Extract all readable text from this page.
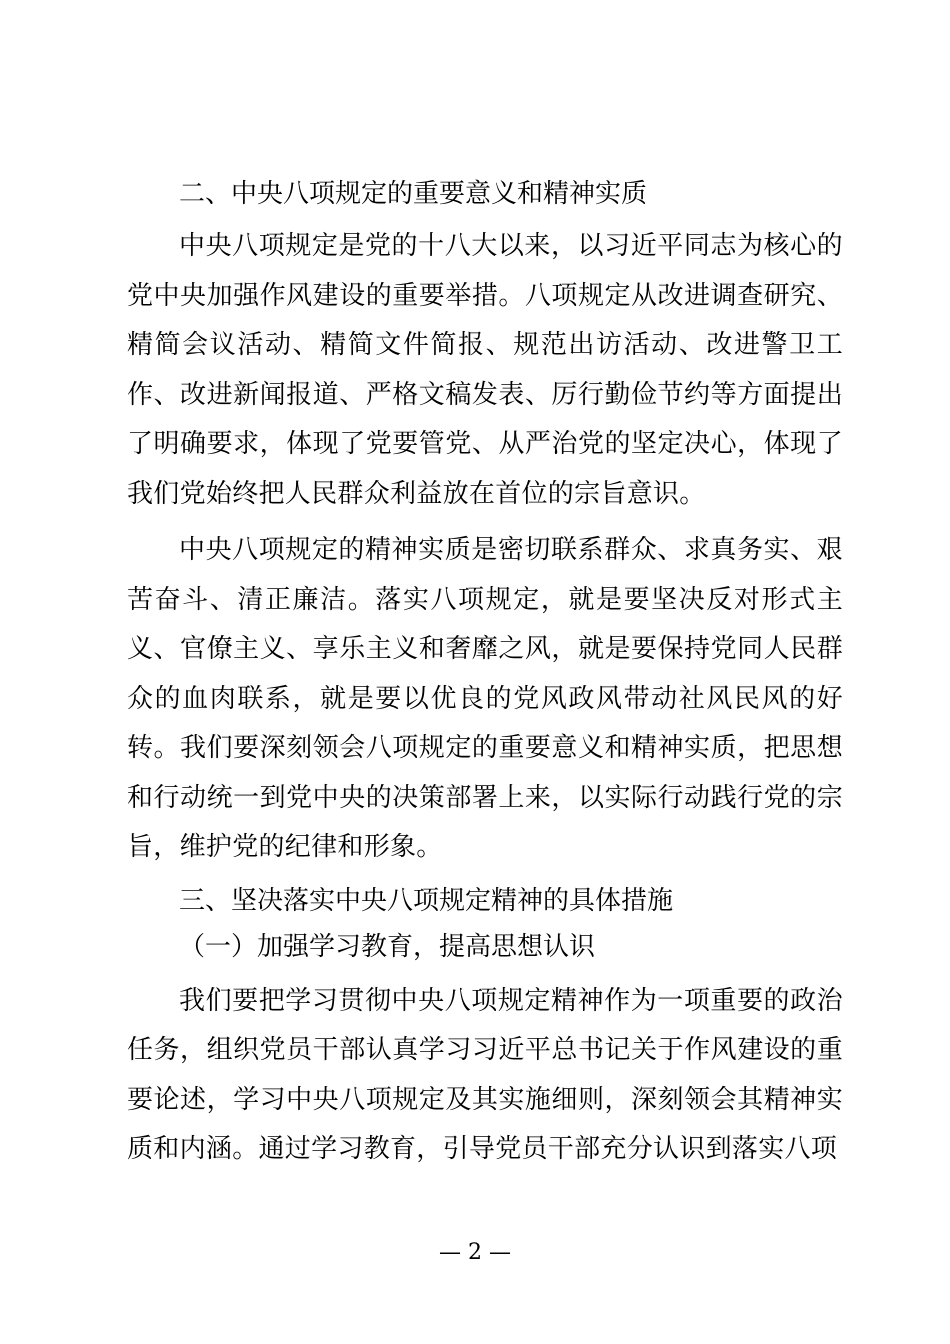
二、中央八项规定的重要意义和精神实质
中央八项规定是党的十八大以来，以习近平同志为核心的党中央加强作风建设的重要举措。八项规定从改进调查研究、精简会议活动、精简文件简报、规范出访活动、改进警卫工作、改进新闻报道、严格文稿发表、厉行勤俭节约等方面提出了明确要求，体现了党要管党、从严治党的坚定决心，体现了我们党始终把人民群众利益放在首位的宗旨意识。
中央八项规定的精神实质是密切联系群众、求真务实、艰苦奋斗、清正廉洁。落实八项规定，就是要坚决反对形式主义、官僚主义、享乐主义和奢靡之风，就是要保持党同人民群众的血肉联系，就是要以优良的党风政风带动社风民风的好转。我们要深刻领会八项规定的重要意义和精神实质，把思想和行动统一到党中央的决策部署上来，以实际行动践行党的宗旨，维护党的纪律和形象。
三、坚决落实中央八项规定精神的具体措施
（一）加强学习教育，提高思想认识
我们要把学习贯彻中央八项规定精神作为一项重要的政治任务，组织党员干部认真学习习近平总书记关于作风建设的重要论述，学习中央八项规定及其实施细则，深刻领会其精神实质和内涵。通过学习教育，引导党员干部充分认识到落实八项
— 2 —
